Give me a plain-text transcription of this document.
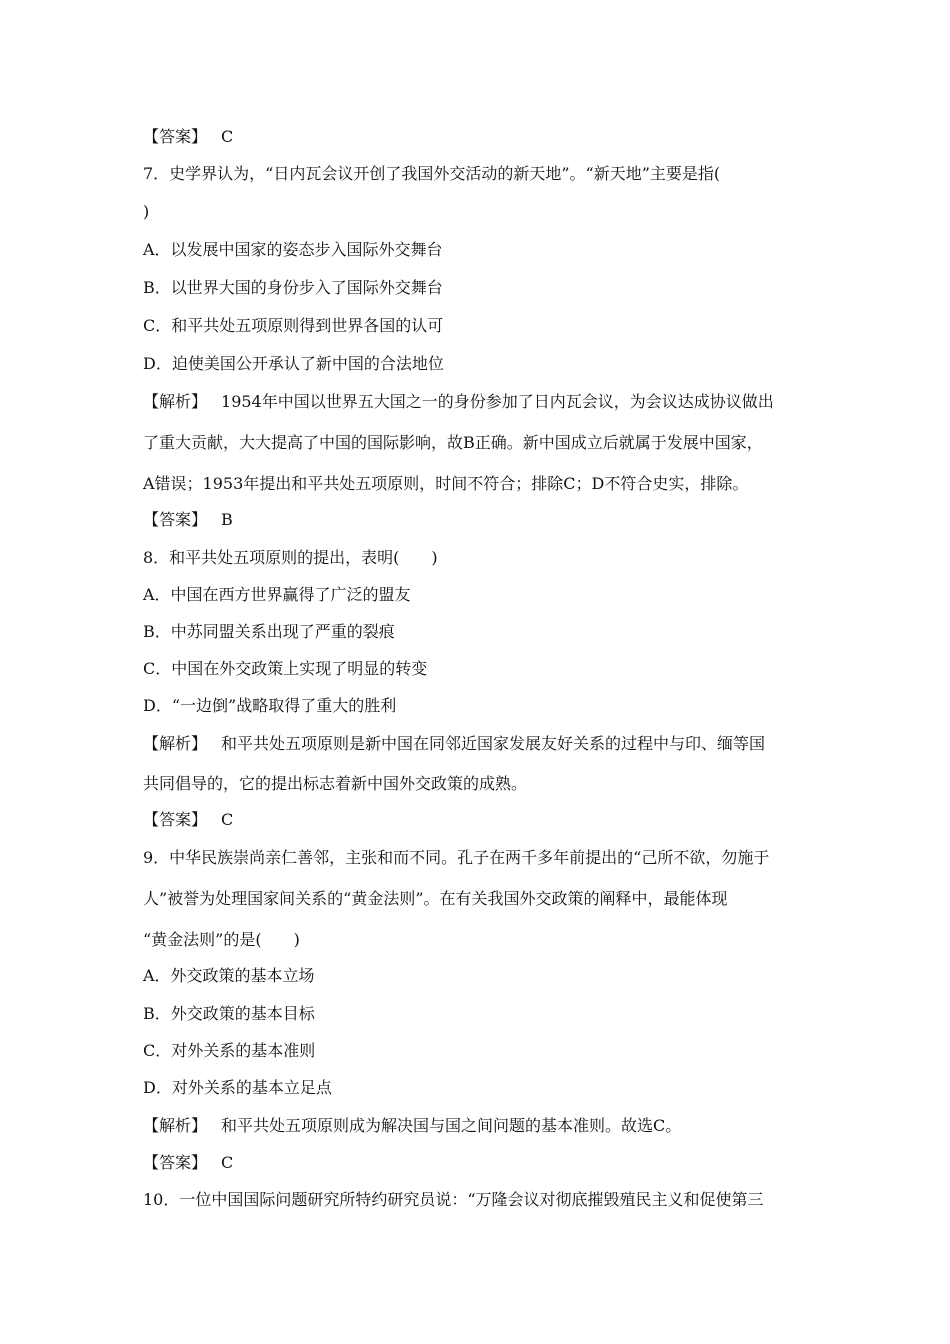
【答案】 C
7．史学界认为，“日内瓦会议开创了我国外交活动的新天地”。“新天地”主要是指(
)
A．以发展中国家的姿态步入国际外交舞台
B．以世界大国的身份步入了国际外交舞台
C．和平共处五项原则得到世界各国的认可
D．迫使美国公开承认了新中国的合法地位
【解析】 1954年中国以世界五大国之一的身份参加了日内瓦会议，为会议达成协议做出
了重大贡献，大大提高了中国的国际影响，故B正确。新中国成立后就属于发展中国家，
A错误；1953年提出和平共处五项原则，时间不符合；排除C；D不符合史实，排除。
【答案】 B
8．和平共处五项原则的提出，表明(　　)
A．中国在西方世界赢得了广泛的盟友
B．中苏同盟关系出现了严重的裂痕
C．中国在外交政策上实现了明显的转变
D．“一边倒”战略取得了重大的胜利
【解析】 和平共处五项原则是新中国在同邻近国家发展友好关系的过程中与印、缅等国
共同倡导的，它的提出标志着新中国外交政策的成熟。
【答案】 C
9．中华民族崇尚亲仁善邻，主张和而不同。孔子在两千多年前提出的“己所不欲，勿施于
人”被誉为处理国家间关系的“黄金法则”。在有关我国外交政策的阐释中，最能体现
“黄金法则”的是(　　)
A．外交政策的基本立场
B．外交政策的基本目标
C．对外关系的基本准则
D．对外关系的基本立足点
【解析】 和平共处五项原则成为解决国与国之间问题的基本准则。故选C。
【答案】 C
10．一位中国国际问题研究所特约研究员说：“万隆会议对彻底摧毁殖民主义和促使第三
